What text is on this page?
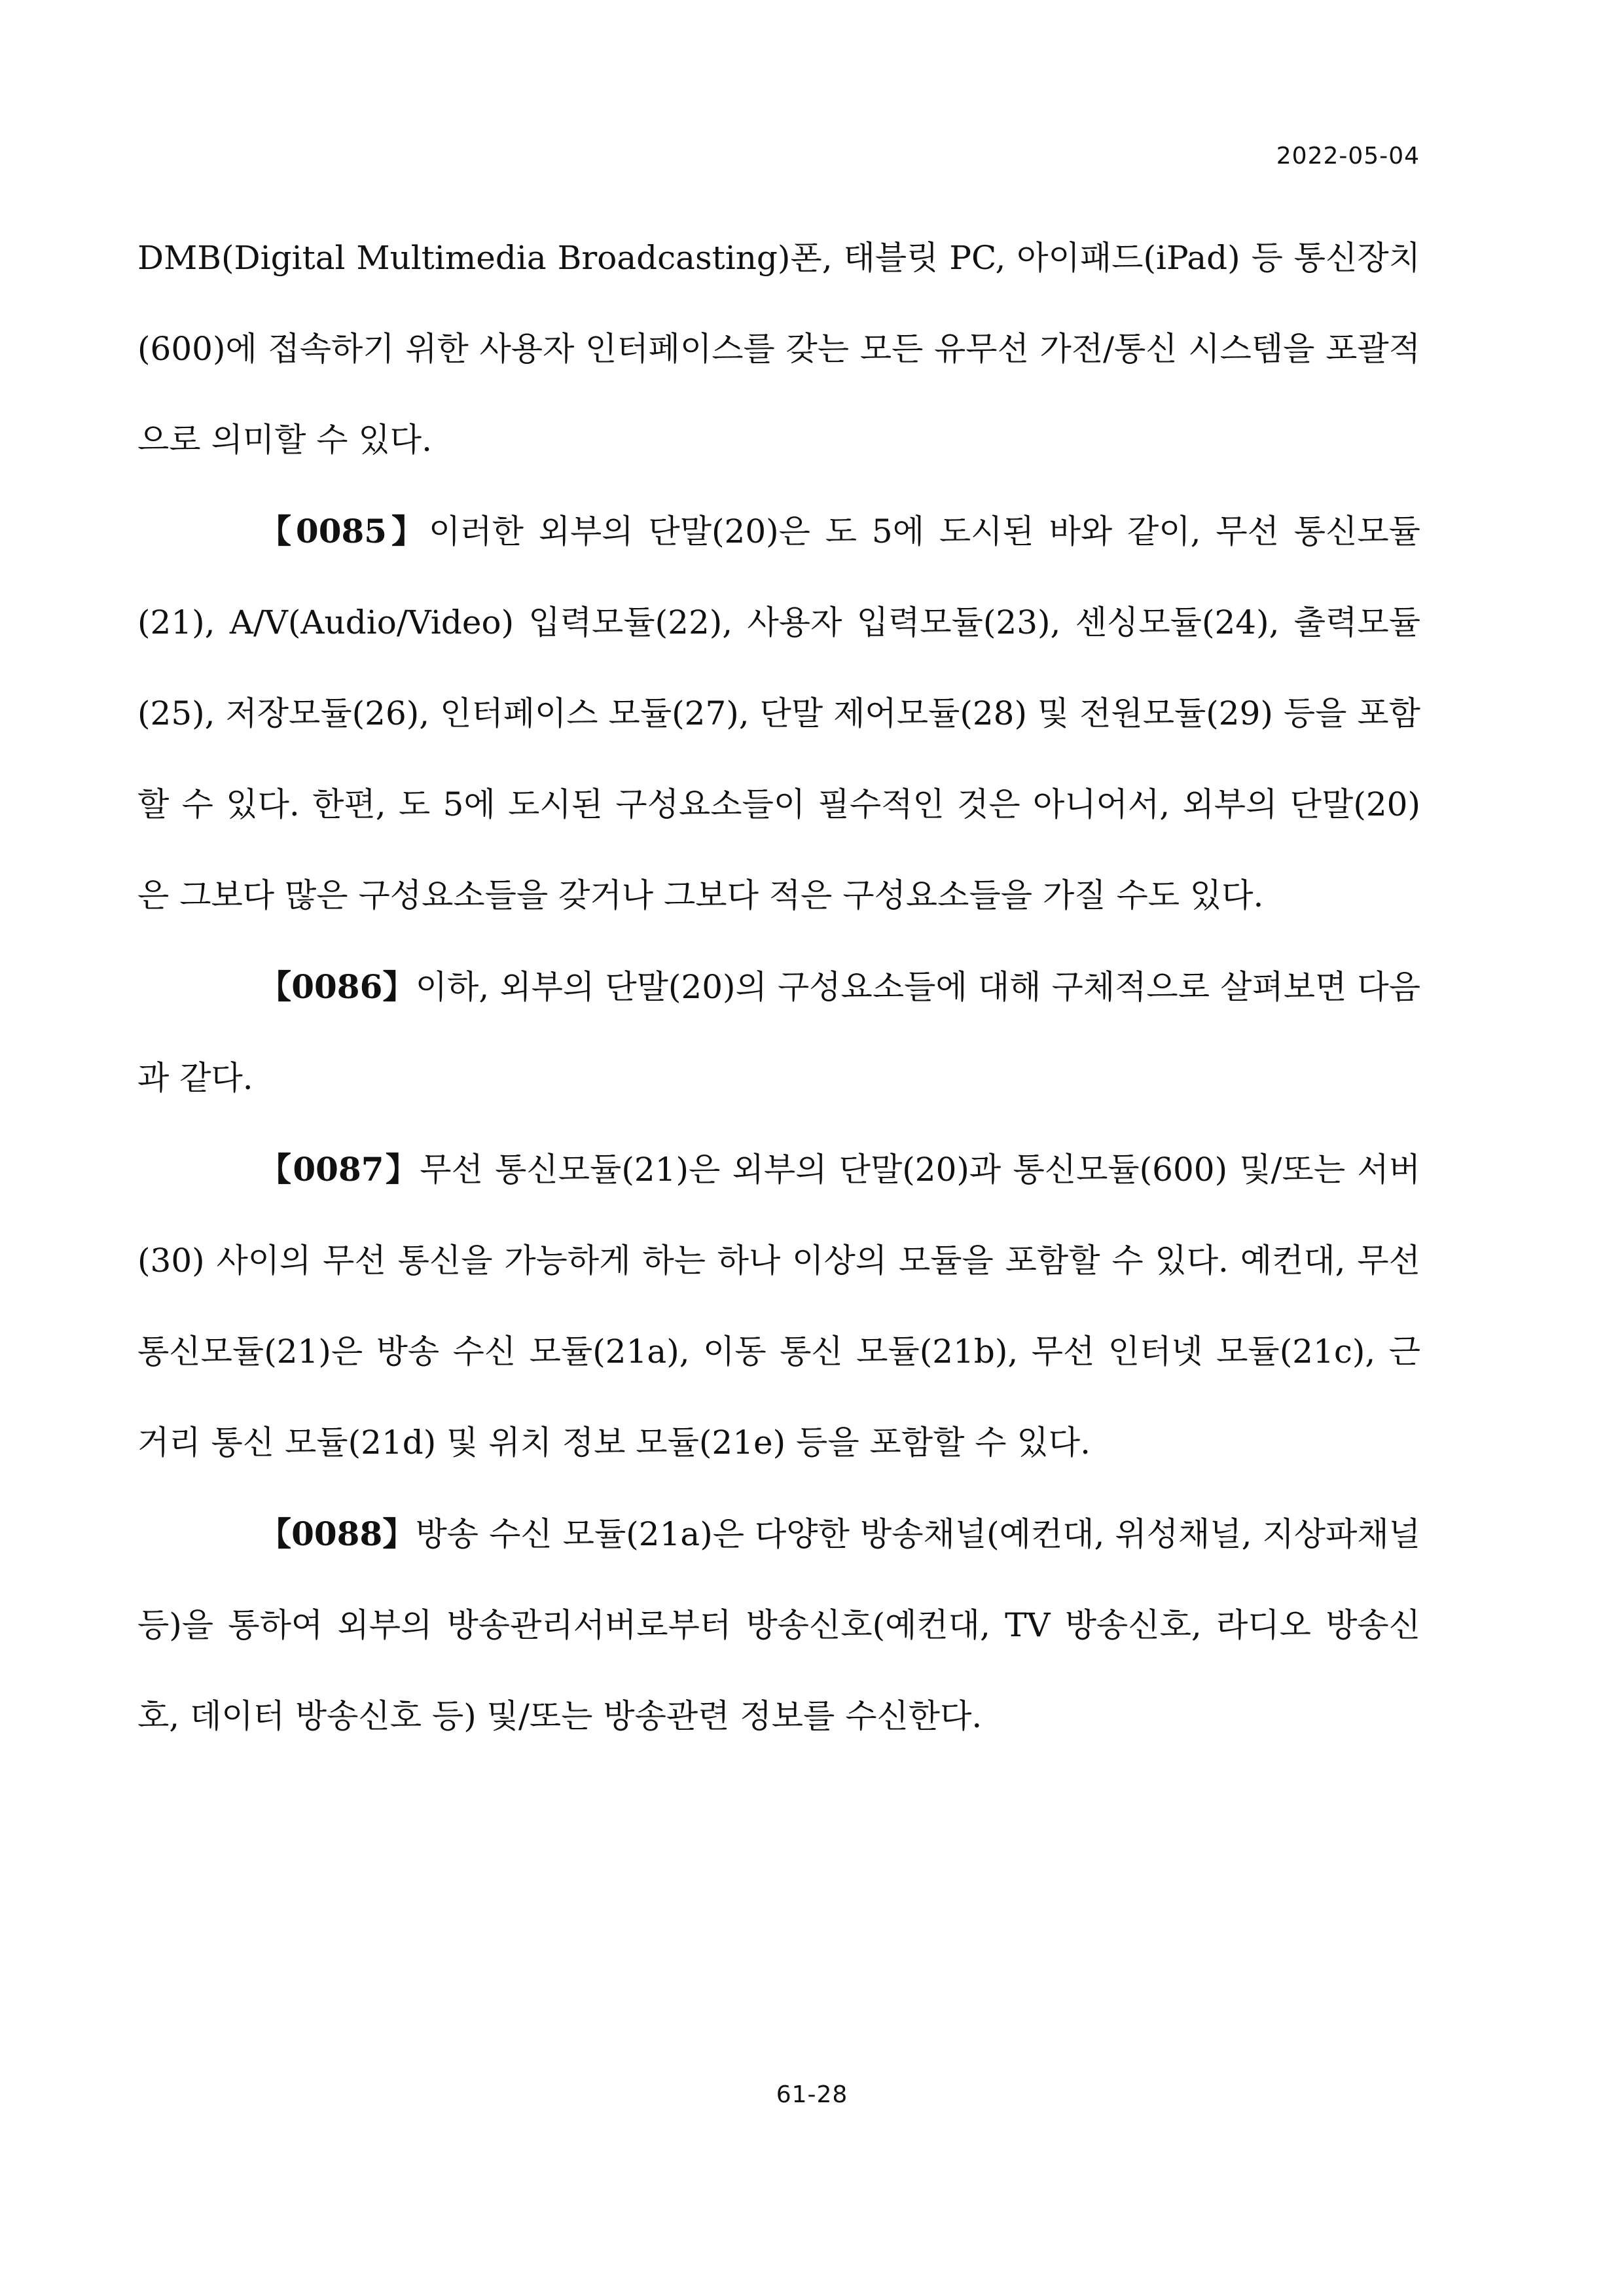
2022-05-04

DMB(Digital Multimedia Broadcasting)폰, 태블릿 PC, 아이패드(iPad) 등 통신장치(600)에 접속하기 위한 사용자 인터페이스를 갖는 모든 유무선 가전/통신 시스템을 포괄적으로 의미할 수 있다.

【0085】이러한 외부의 단말(20)은 도 5에 도시된 바와 같이, 무선 통신모듈(21), A/V(Audio/Video) 입력모듈(22), 사용자 입력모듈(23), 센싱모듈(24), 출력모듈(25), 저장모듈(26), 인터페이스 모듈(27), 단말 제어모듈(28) 및 전원모듈(29) 등을 포함할 수 있다. 한편, 도 5에 도시된 구성요소들이 필수적인 것은 아니어서, 외부의 단말(20)은 그보다 많은 구성요소들을 갖거나 그보다 적은 구성요소들을 가질 수도 있다.

【0086】이하, 외부의 단말(20)의 구성요소들에 대해 구체적으로 살펴보면 다음과 같다.

【0087】무선 통신모듈(21)은 외부의 단말(20)과 통신모듈(600) 및/또는 서버(30) 사이의 무선 통신을 가능하게 하는 하나 이상의 모듈을 포함할 수 있다. 예컨대, 무선 통신모듈(21)은 방송 수신 모듈(21a), 이동 통신 모듈(21b), 무선 인터넷 모듈(21c), 근거리 통신 모듈(21d) 및 위치 정보 모듈(21e) 등을 포함할 수 있다.

【0088】방송 수신 모듈(21a)은 다양한 방송채널(예컨대, 위성채널, 지상파채널 등)을 통하여 외부의 방송관리서버로부터 방송신호(예컨대, TV 방송신호, 라디오 방송신호, 데이터 방송신호 등) 및/또는 방송관련 정보를 수신한다.

61-28
